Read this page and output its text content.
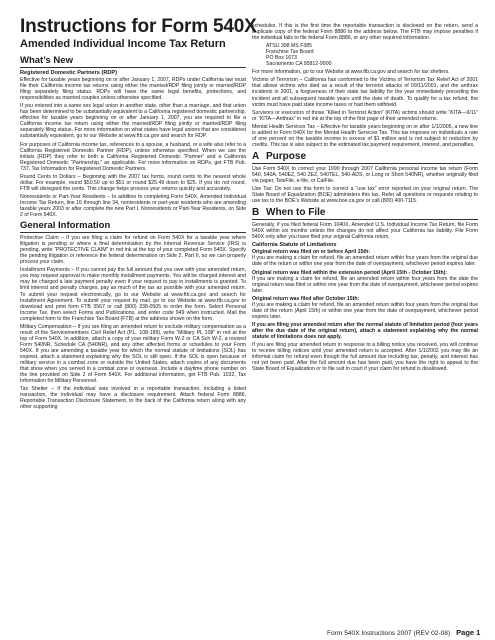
Instructions for Form 540X
Amended Individual Income Tax Return
What’s New
Registered Domestic Partners (RDP)

Effective for taxable years beginning on or after January 1, 2007, RDPs under California law must file their California income tax returns using either the married/RDP filing jointly or married/RDP filing separately filing status. RDPs will have the same legal benefits, protections, and responsibilities as married couples unless otherwise specified.

If you entered into a same sex legal union in another state, other than a marriage, and that union has been determined to be substantially equivalent to a California registered domestic partnership, effective for taxable years beginning on or after January 1, 2007, you are required to file a California income tax return using either the married/RDP filing jointly or married/RDP filing separately filing status. For more information on what states have legal unions that are considered substantially equivalent, go to our Website at www.ftb.ca.gov and search for RDP.

For purposes of California income tax, references to a spouse, a husband, or a wife also refer to a California Registered Domestic Partner (RDP), unless otherwise specified. When we use the initials (RDP) they refer to both a California Registered Domestic “Partner” and a California Registered Domestic “Partnership,” as applicable. For more information on RDPs, get FTB Pub. 737, Tax Information for Registered Domestic Partners.

Round Cents to Dollars – Beginning with the 2007 tax forms, round cents to the nearest whole dollar. For example, round $50.50 up to $51 or round $25.49 down to $25. If you do not round, FTB will disregard the cents. This change helps process your returns quickly and accurately.

Nonresidents or Part-Year Residents – In addition to completing Form 540X, Amended Individual Income Tax Return, line 16 through line 34, nonresidents or part-year residents who are amending taxable years 2003 or after complete the new Part I, Nonresidents or Part-Year Residents, on Side 2 of Form 540X.

General Information

Protective Claim – If you are filing a claim for refund on Form 540X for a taxable year where litigation is pending or where a final determination by the Internal Revenue Service (IRS) is pending, write “PROTECTIVE CLAIM” in red ink at the top of your completed Form 540X. Specify the pending litigation or reference the federal determination on Side 2, Part II, so we can properly process your claim.

Installment Payments – If you cannot pay the full amount that you owe with your amended return, you may request approval to make monthly installment payments. You will be charged interest and may be charged a late payment penalty even if your request to pay in installments is granted. To limit interest and penalty charges, pay as much of the tax as possible with your amended return. To submit your request electronically, go to our Website at www.ftb.ca.gov and search for Installment Agreement. To submit your request by mail, go to our Website at www.ftb.ca.gov to download and print form FTB 3567 or call (800) 338-0505 to order the form. Select Personal Income Tax, then select Forms and Publications, and enter code 949 when instructed. Mail the completed form to the Franchise Tax Board (FTB) at the address shown on the form.

Military Compensation – If you are filing an amended return to exclude military compensation as a result of the Servicemembers Civil Relief Act (P.L. 108-189), write “Military PL 108” in red at the top of Form 540X. In addition, attach a copy of your military Form W-2 or CA Sch W-2, a revised Form 540NR, Schedule CA (540NR), and any other affected forms or schedules to your Form 540X. If you are amending a taxable year for which the normal statute of limitations (SOL) has expired, attach a statement explaining why the SOL is still open. If the SOL is open because of military service in a combat zone or outside the United States, attach copies of any documents that show when you served in a combat zone or overseas. Include a daytime phone number on the line provided on Side 2 of Form 540X. For additional information, get FTB Pub. 1032, Tax Information for Military Personnel.

Tax Shelter – If the individual was involved in a reportable transaction, including a listed transaction, the individual may have a disclosure requirement. Attach federal Form 8886, Reportable Transaction Disclosure Statement, to the back of the California return along with any other supporting

schedules. If this is the first time the reportable transaction is disclosed on the return, send a duplicate copy of the federal Form 8886 to the address below. The FTB may impose penalties if the individual fails to file federal Form 8886, or any other required information.

ATSU 398 MS F385
Franchise Tax Board
PO Box 1673
Sacramento CA 95812-9900

For more information, go to our Website at www.ftb.ca.gov and search for tax shelters.

Victims of Terrorism – California has conformed to the Victims of Terrorism Tax Relief Act of 2001 that allows victims who died as a result of the terrorist attacks of 09/11/2001, and the anthrax incidents in 2001, a forgiveness of their state tax liability for the year immediately preceding the incident and all subsequent taxable years until the date of death. To qualify for a tax refund, the victim must have paid state income taxes or had them withheld.

Survivors or executors of those “Killed in Terrorist Action” (KITA) victims should write “KITA—9/11” or “KITA—Anthrax” in red ink at the top of the first page of their amended returns.

Mental Health Services Tax – Effective for taxable years beginning on or after 1/1/2005, a new line is added to Form 540X for the Mental Health Services Tax. This tax imposes on individuals a rate of one percent on the taxable income in excess of $1 million and is not subject to reduction by credits. This tax is also subject to the estimated tax payment requirement, interest, and penalties.

A Purpose

Use Form 540X to correct your 1990 through 2007 California personal income tax return (Form 540, 540A, 540EZ, 540 2EZ, 540TEL, 540-ADS, or Long or Short 540NR), whether originally filed via paper, TeleFile, e-file, or CalFile.

Use Tax: Do not use this form to correct a “use tax” error reported on your original return. The State Board of Equalization (BOE) administers this tax. Refer all questions or requests relating to use tax to the BOE’s Website at www.boe.ca.gov or call (800) 400-7115.

B When to File

Generally, if you filed federal Form 1040X, Amended U.S. Individual Income Tax Return, file Form 540X within six months unless the changes do not affect your California tax liability. File Form 540X only after you have filed your original California return.

California Statute of Limitations
Original return was filed on or before April 15th:

If you are making a claim for refund, file an amended return within four years from the original due date of the return or within one year from the date of overpayment, whichever period expires later.

Original return was filed within the extension period (April 15th - October 15th):

If you are making a claim for refund, file an amended return within four years from the date the original return was filed or within one year from the date of overpayment, whichever period expires later.

Original return was filed after October 15th:

If you are making a claim for refund, file an amended return within four years from the original due date of the return (April 15th) or within one year from the date of overpayment, whichever period expires later.

If you are filing your amended return after the normal statute of limitation period (four years after the due date of the original return), attach a statement explaining why the normal statute of limitations does not apply.

If you are filing your amended return in response to a billing notice you received, you will continue to receive billing notices until your amended return is accepted. After 1/1/2002 you may file an informal claim for refund even though the full amount due including tax, penalty, and interest has not yet been paid. After the full amount due has been paid, you have the right to appeal to the State Board of Equalization or to file suit in court if your claim for refund is disallowed.

Form 540X Instructions 2007 (REV 02-08) Page 1
